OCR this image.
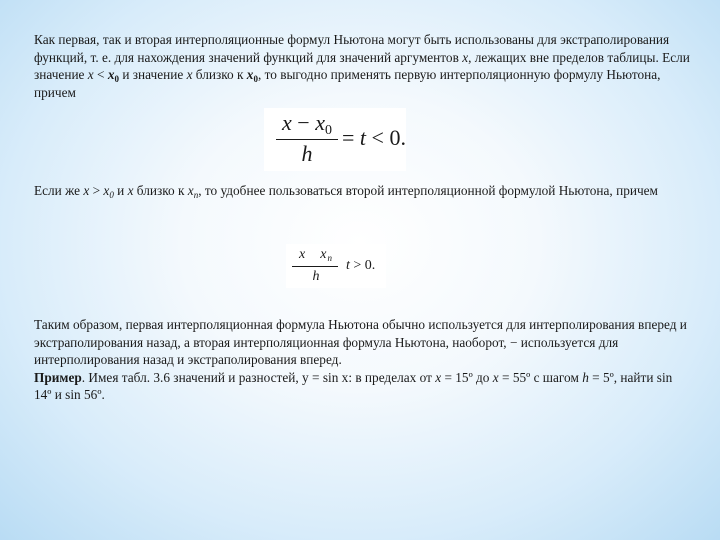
Как первая, так и вторая интерполяционные формул Ньютона могут быть использованы для экстраполирования функций, т. е. для нахождения значений функций для значений аргументов x, лежащих вне пределов таблицы. Если значение $x < x_0$ и значение x близко к $x_0$, то выгодно применять первую интерполяционную формулу Ньютона, причем

$x - x_0$
h
= t < 0.

Если же $x > x_0$ и x близко к $x_n$, то удобнее пользоваться второй интерполяционной формулой Ньютона, причем

x $x_n$
h
t > 0.

Таким образом, первая интерполяционная формула Ньютона обычно используется для интерполирования вперед и экстраполирования назад, а вторая интерполяционная формула Ньютона, наоборот, − используется для интерполирования назад и экстраполирования вперед.
Пример. Имея табл. 3.6 значений и разностей, y = sin x: в пределах от x = 15º до x = 55º с шагом h = 5º, найти sin 14º и sin 56º.
